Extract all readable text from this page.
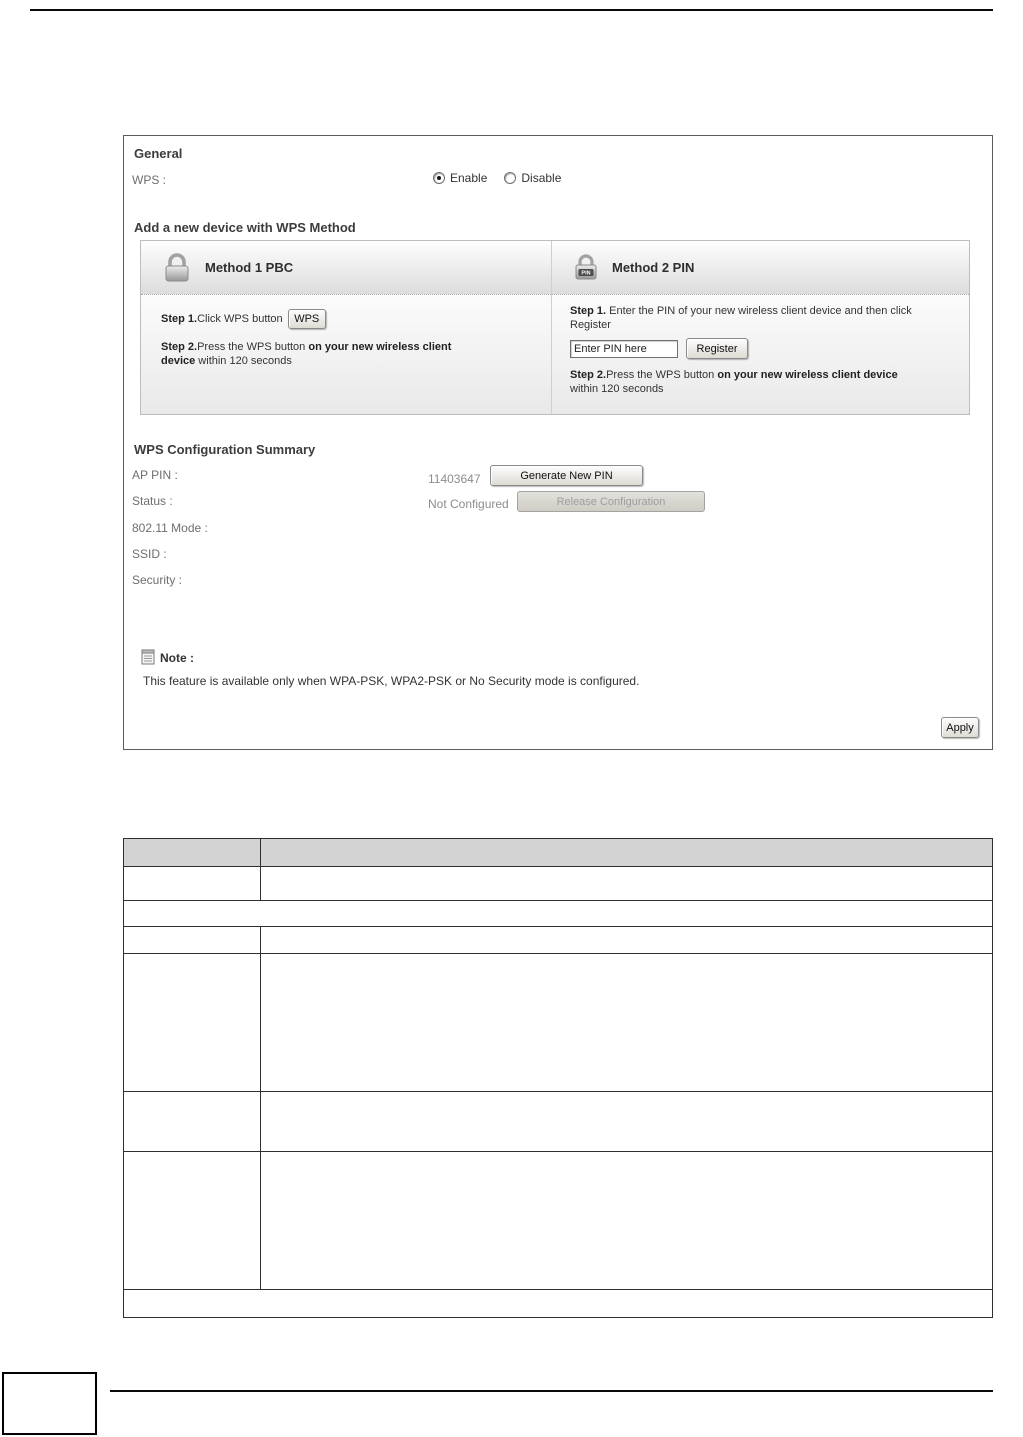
General
WPS :	Enable	Disable
Add a new device with WPS Method
Method 1 PBC
Step 1.Click WPS button WPS

Step 2.Press the WPS button on your new wireless client device within 120 seconds

PIN Method 2 PIN

Step 1. Enter the PIN of your new wireless client device and then click Register

Enter PIN here
Register

Step 2.Press the WPS button on your new wireless client device within 120 seconds

WPS Configuration Summary
AP PIN :	11403647	Generate New PIN
Status :	Not Configured	Release Configuration
802.11 Mode :
SSID :
Security :
Note :
This feature is available only when WPA-PSK, WPA2-PSK or No Security mode is configured.
Apply
